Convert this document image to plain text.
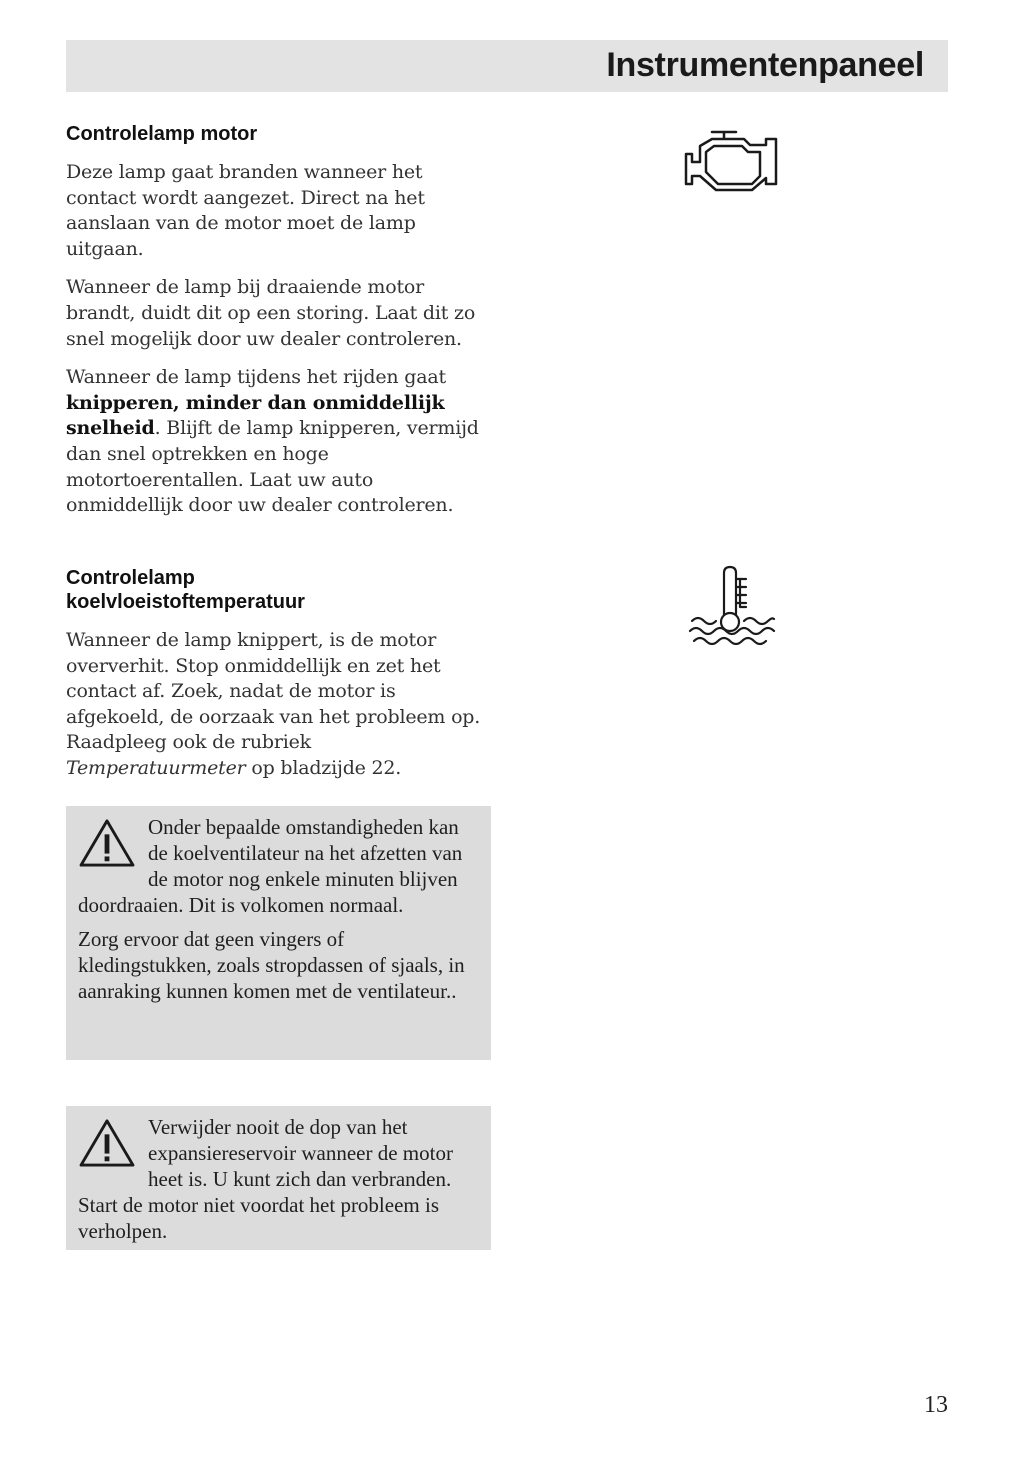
Instrumentenpaneel
Controlelamp motor

Deze lamp gaat branden wanneer het contact wordt aangezet. Direct na het aanslaan van de motor moet de lamp uitgaan.

Wanneer de lamp bij draaiende motor brandt, duidt dit op een storing. Laat dit zo snel mogelijk door uw dealer controleren.

Wanneer de lamp tijdens het rijden gaat knipperen, minder dan onmiddellijk snelheid. Blijft de lamp knipperen, vermijd dan snel optrekken en hoge motortoerentallen. Laat uw auto onmiddellijk door uw dealer controleren.

Controlelamp
koelvloeistoftemperatuur

Wanneer de lamp knippert, is de motor oververhit. Stop onmiddellijk en zet het contact af. Zoek, nadat de motor is afgekoeld, de oorzaak van het probleem op. Raadpleeg ook de rubriek Temperatuurmeter op bladzijde 22.

Onder bepaalde omstandigheden kan de koelventilateur na het afzetten van de motor nog enkele minuten blijven doordraaien. Dit is volkomen normaal.

Zorg ervoor dat geen vingers of kledingstukken, zoals stropdassen of sjaals, in aanraking kunnen komen met de ventilateur..

Verwijder nooit de dop van het expansiereservoir wanneer de motor heet is. U kunt zich dan verbranden. Start de motor niet voordat het probleem is verholpen.

13
